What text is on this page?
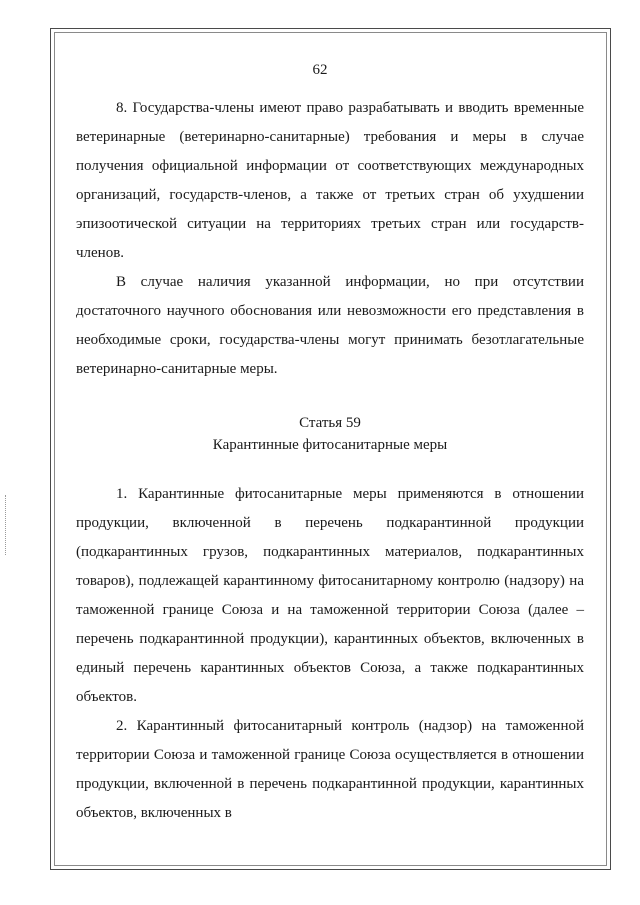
62

8. Государства-члены имеют право разрабатывать и вводить временные ветеринарные (ветеринарно-санитарные) требования и меры в случае получения официальной информации от соответствующих международных организаций, государств-членов, а также от третьих стран об ухудшении эпизоотической ситуации на территориях третьих стран или государств-членов.

В случае наличия указанной информации, но при отсутствии достаточного научного обоснования или невозможности его представления в необходимые сроки, государства-члены могут принимать безотлагательные ветеринарно-санитарные меры.

Статья 59

Карантинные фитосанитарные меры

1. Карантинные фитосанитарные меры применяются в отношении продукции, включенной в перечень подкарантинной продукции (подкарантинных грузов, подкарантинных материалов, подкарантинных товаров), подлежащей карантинному фитосанитарному контролю (надзору) на таможенной границе Союза и на таможенной территории Союза (далее – перечень подкарантинной продукции), карантинных объектов, включенных в единый перечень карантинных объектов Союза, а также подкарантинных объектов.

2. Карантинный фитосанитарный контроль (надзор) на таможенной территории Союза и таможенной границе Союза осуществляется в отношении продукции, включенной в перечень подкарантинной продукции, карантинных объектов, включенных в
